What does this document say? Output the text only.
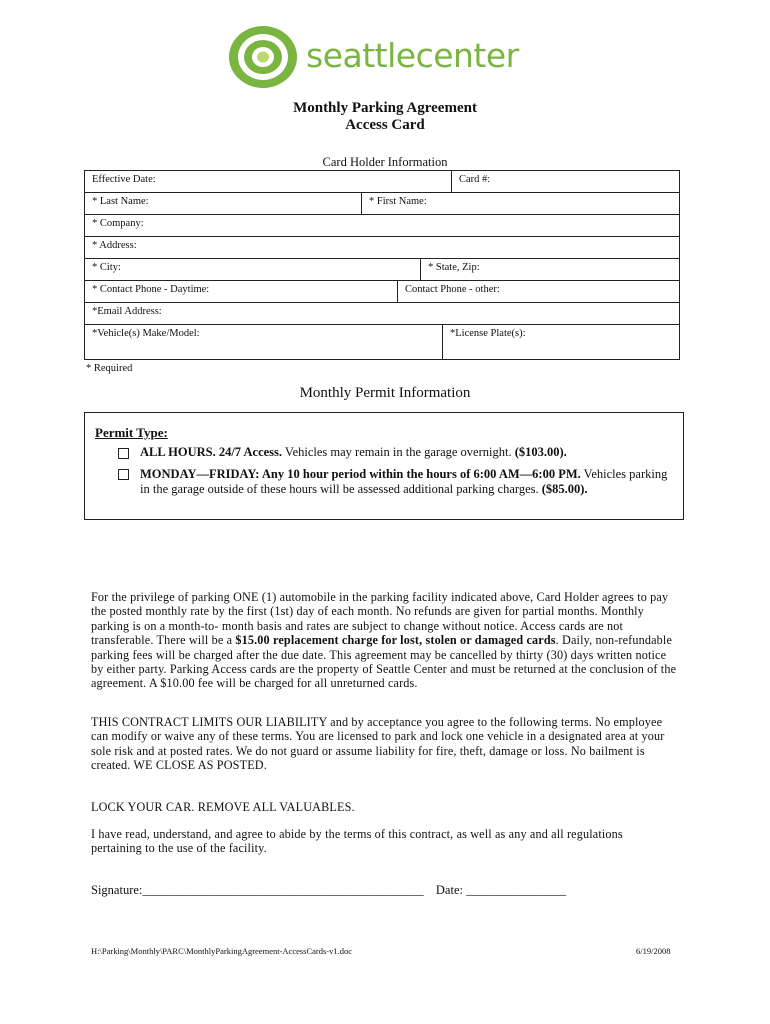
seattlecenter
Monthly Parking Agreement
Access Card
Card Holder Information
Effective Date:	Card #:
* Last Name:	* First Name:
* Company:
* Address:
* City:	* State, Zip:
* Contact Phone - Daytime:	Contact Phone - other:
*Email Address:
*Vehicle(s) Make/Model:	*License Plate(s):
* Required
Monthly Permit Information
Permit Type:
ALL HOURS. 24/7 Access. Vehicles may remain in the garage overnight. ($103.00).
MONDAY—FRIDAY: Any 10 hour period within the hours of 6:00 AM—6:00 PM. Vehicles parking in the garage outside of these hours will be assessed additional parking charges. ($85.00).
For the privilege of parking ONE (1) automobile in the parking facility indicated above, Card Holder agrees to pay the posted monthly rate by the first (1st) day of each month. No refunds are given for partial months. Monthly parking is on a month-to- month basis and rates are subject to change without notice. Access cards are not transferable. There will be a $15.00 replacement charge for lost, stolen or damaged cards. Daily, non-refundable parking fees will be charged after the due date. This agreement may be cancelled by thirty (30) days written notice by either party. Parking Access cards are the property of Seattle Center and must be returned at the conclusion of the agreement. A $10.00 fee will be charged for all unreturned cards.
THIS CONTRACT LIMITS OUR LIABILITY and by acceptance you agree to the following terms. No employee can modify or waive any of these terms. You are licensed to park and lock one vehicle in a designated area at your sole risk and at posted rates. We do not guard or assume liability for fire, theft, damage or loss. No bailment is created. WE CLOSE AS POSTED.
LOCK YOUR CAR. REMOVE ALL VALUABLES.
I have read, understand, and agree to abide by the terms of this contract, as well as any and all regulations pertaining to the use of the facility.
Signature:_____________________________________________ Date: ________________
H:\Parking\Monthly\PARC\MonthlyParkingAgreement-AccessCards-v1.doc	6/19/2008
